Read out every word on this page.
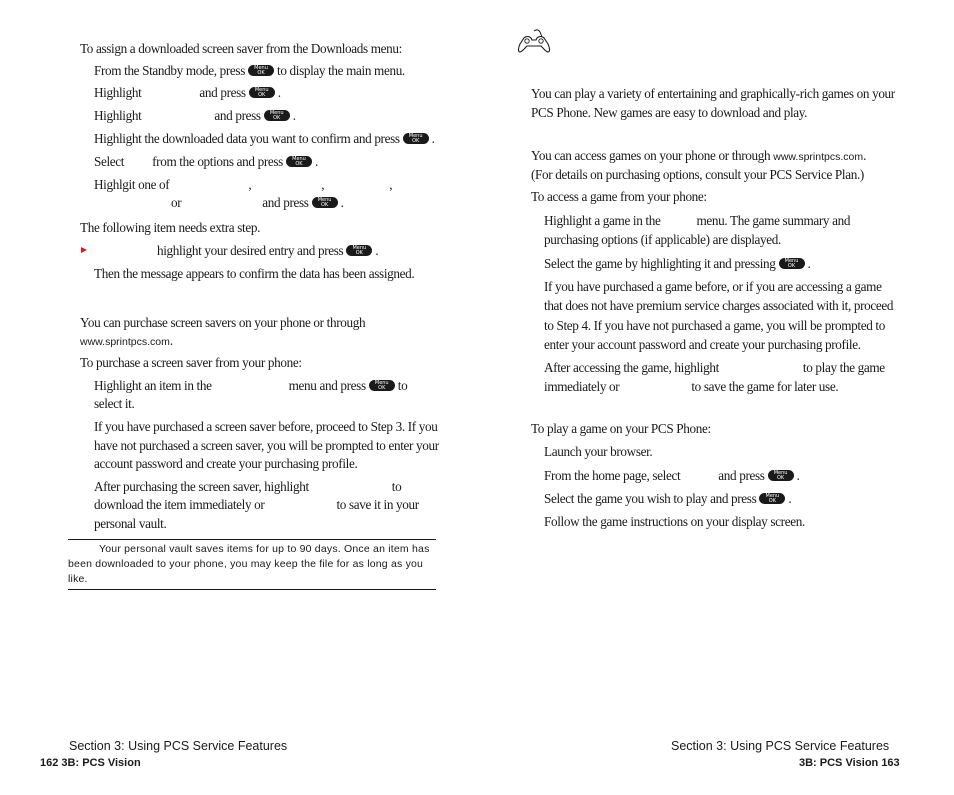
To assign a downloaded screen saver from the Downloads menu:

From the Standby mode, press	Menu
OK to display the main menu.

Highlight	and press	Menu
OK .

Highlight	and press	Menu
OK .

Highlight the downloaded data you want to confirm and press	Menu
OK .

Select from the options and press	Menu
OK .

Highlgit one of	,	,	,

or	and press	Menu
OK .

The following item needs extra step.

highlight your desired entry and press	Menu
OK .

Then the message appears to confirm the data has been assigned.

You can purchase screen savers on your phone or through

www.sprintpcs.com.

To purchase a screen saver from your phone:

Highlight an item in the	menu and press	Menu
OK to

select it.

If you have purchased a screen saver before, proceed to Step 3. If you

have not purchased a screen saver, you will be prompted to enter your

account password and create your purchasing profile.

After purchasing the screen saver, highlight	to

download the item immediately or	to save it in your

personal vault.

Your personal vault saves items for up to 90 days. Once an item has been downloaded to your phone, you may keep the file for as long as you like.

Section 3: Using PCS Service Features

162 3B: PCS Vision

You can play a variety of entertaining and graphically-rich games on your

PCS Phone. New games are easy to download and play.

You can access games on your phone or through www.sprintpcs.com.

(For details on purchasing options, consult your PCS Service Plan.)

To access a game from your phone:

Highlight a game in the	menu. The game summary and

purchasing options (if applicable) are displayed.

Select the game by highlighting it and pressing	Menu
OK .

If you have purchased a game before, or if you are accessing a game

that does not have premium service charges associated with it, proceed

to Step 4. If you have not purchased a game, you will be prompted to

enter your account password and create your purchasing profile.

After accessing the game, highlight	to play the game

immediately or	to save the game for later use.

To play a game on your PCS Phone:

Launch your browser.

From the home page, select	and press	Menu
OK .

Select the game you wish to play and press	Menu
OK .

Follow the game instructions on your display screen.

Section 3: Using PCS Service Features

3B: PCS Vision 163
